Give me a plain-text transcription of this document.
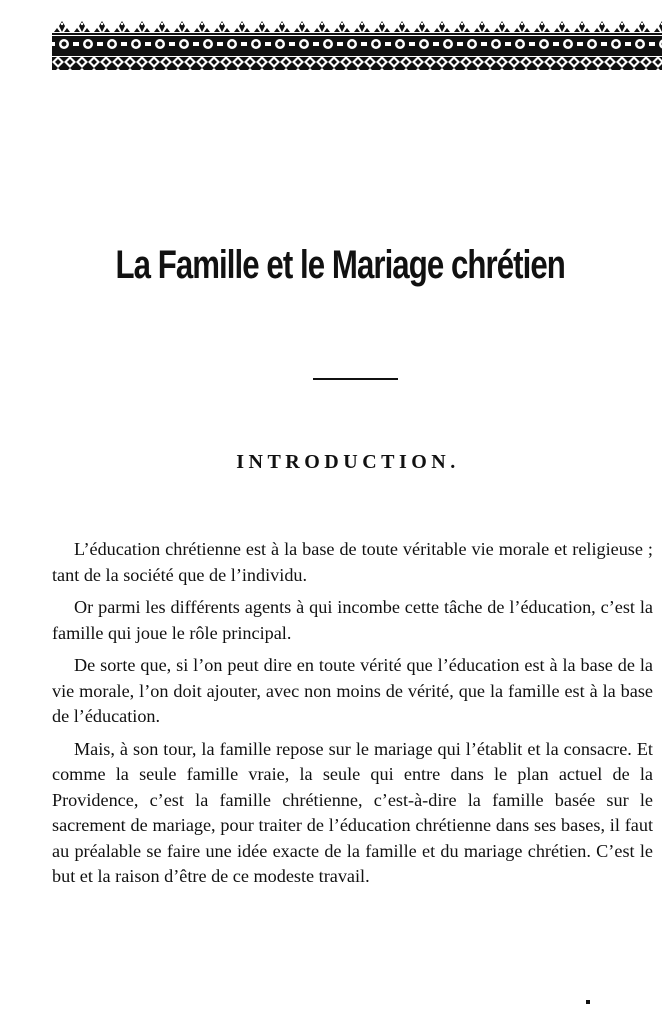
La Famille et le Mariage chrétien
INTRODUCTION.

L’éducation chrétienne est à la base de toute véritable vie morale et religieuse ; tant de la société que de l’individu.

Or parmi les différents agents à qui incombe cette tâche de l’éducation, c’est la famille qui joue le rôle principal.

De sorte que, si l’on peut dire en toute vérité que l’éducation est à la base de la vie morale, l’on doit ajouter, avec non moins de vérité, que la famille est à la base de l’éducation.

Mais, à son tour, la famille repose sur le mariage qui l’établit et la consacre. Et comme la seule famille vraie, la seule qui entre dans le plan actuel de la Providence, c’est la famille chrétienne, c’est-à-dire la famille basée sur le sacrement de mariage, pour traiter de l’éducation chrétienne dans ses bases, il faut au préalable se faire une idée exacte de la famille et du mariage chrétien. C’est le but et la raison d’être de ce modeste travail.
